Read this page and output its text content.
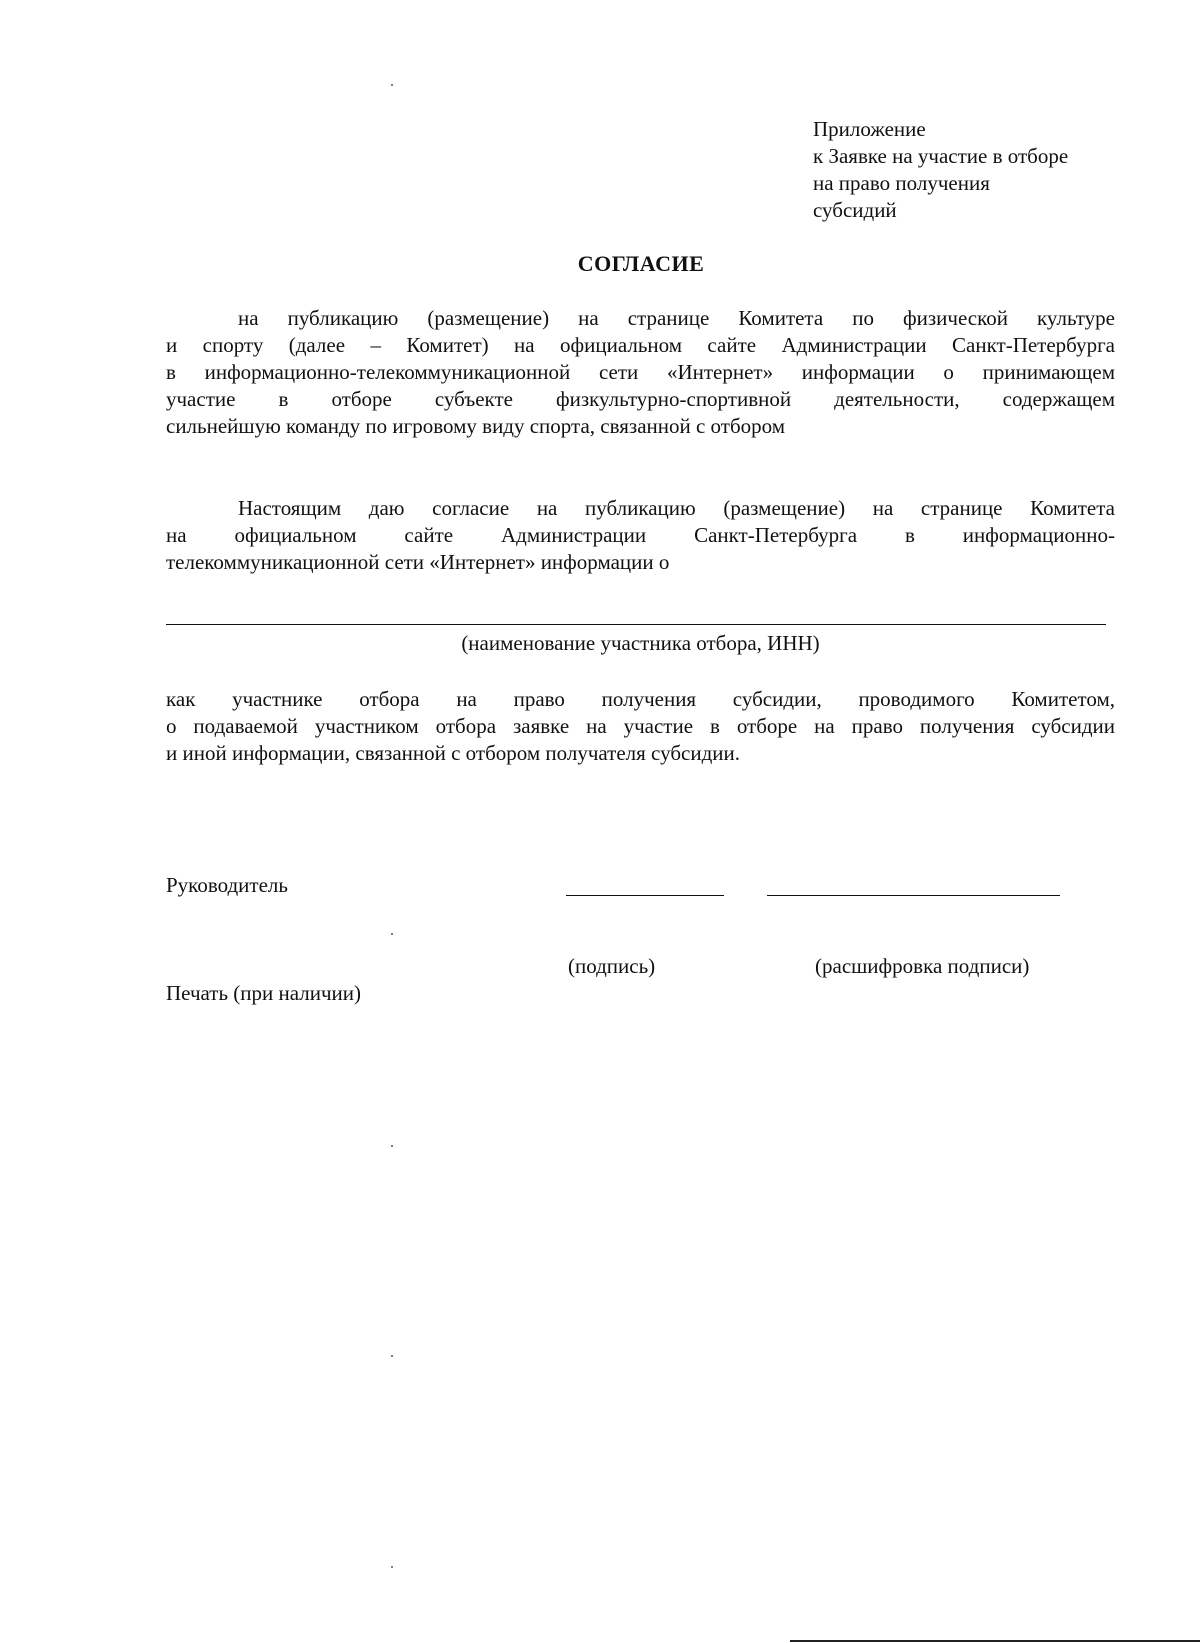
Приложение
к Заявке на участие в отборе
на право получения
субсидий
СОГЛАСИЕ
на публикацию (размещение) на странице Комитета по физической культуре
и спорту (далее – Комитет) на официальном сайте Администрации Санкт-Петербурга
в информационно-телекоммуникационной сети «Интернет» информации о принимающем
участие в отборе субъекте физкультурно-спортивной деятельности, содержащем
сильнейшую команду по игровому виду спорта, связанной с отбором
Настоящим даю согласие на публикацию (размещение) на странице Комитета
на официальном сайте Администрации Санкт-Петербурга в информационно-
телекоммуникационной сети «Интернет» информации о
(наименование участника отбора, ИНН)
как участнике отбора на право получения субсидии, проводимого Комитетом,
о подаваемой участником отбора заявке на участие в отборе на право получения субсидии
и иной информации, связанной с отбором получателя субсидии.
Руководитель
(подпись)	(расшифровка подписи)
Печать (при наличии)
